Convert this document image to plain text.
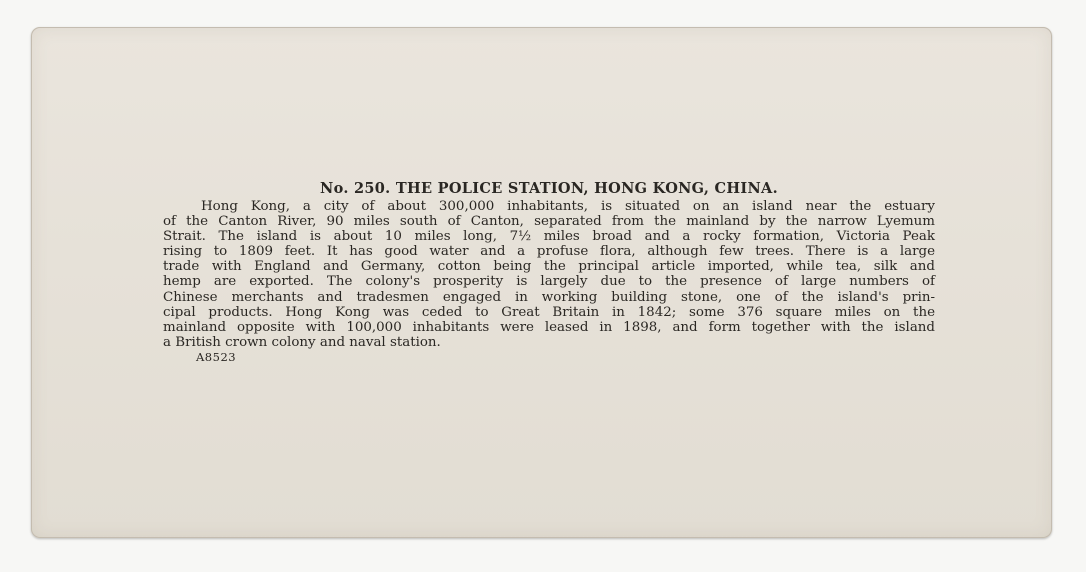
No. 250. THE POLICE STATION, HONG KONG, CHINA.
Hong Kong, a city of about 300,000 inhabitants, is situated on an island near the estuary
of the Canton River, 90 miles south of Canton, separated from the mainland by the narrow Lyemum
Strait. The island is about 10 miles long, 7½ miles broad and a rocky formation, Victoria Peak
rising to 1809 feet. It has good water and a profuse flora, although few trees. There is a large
trade with England and Germany, cotton being the principal article imported, while tea, silk and
hemp are exported. The colony's prosperity is largely due to the presence of large numbers of
Chinese merchants and tradesmen engaged in working building stone, one of the island's prin-
cipal products. Hong Kong was ceded to Great Britain in 1842; some 376 square miles on the
mainland opposite with 100,000 inhabitants were leased in 1898, and form together with the island
a British crown colony and naval station.
A8523
